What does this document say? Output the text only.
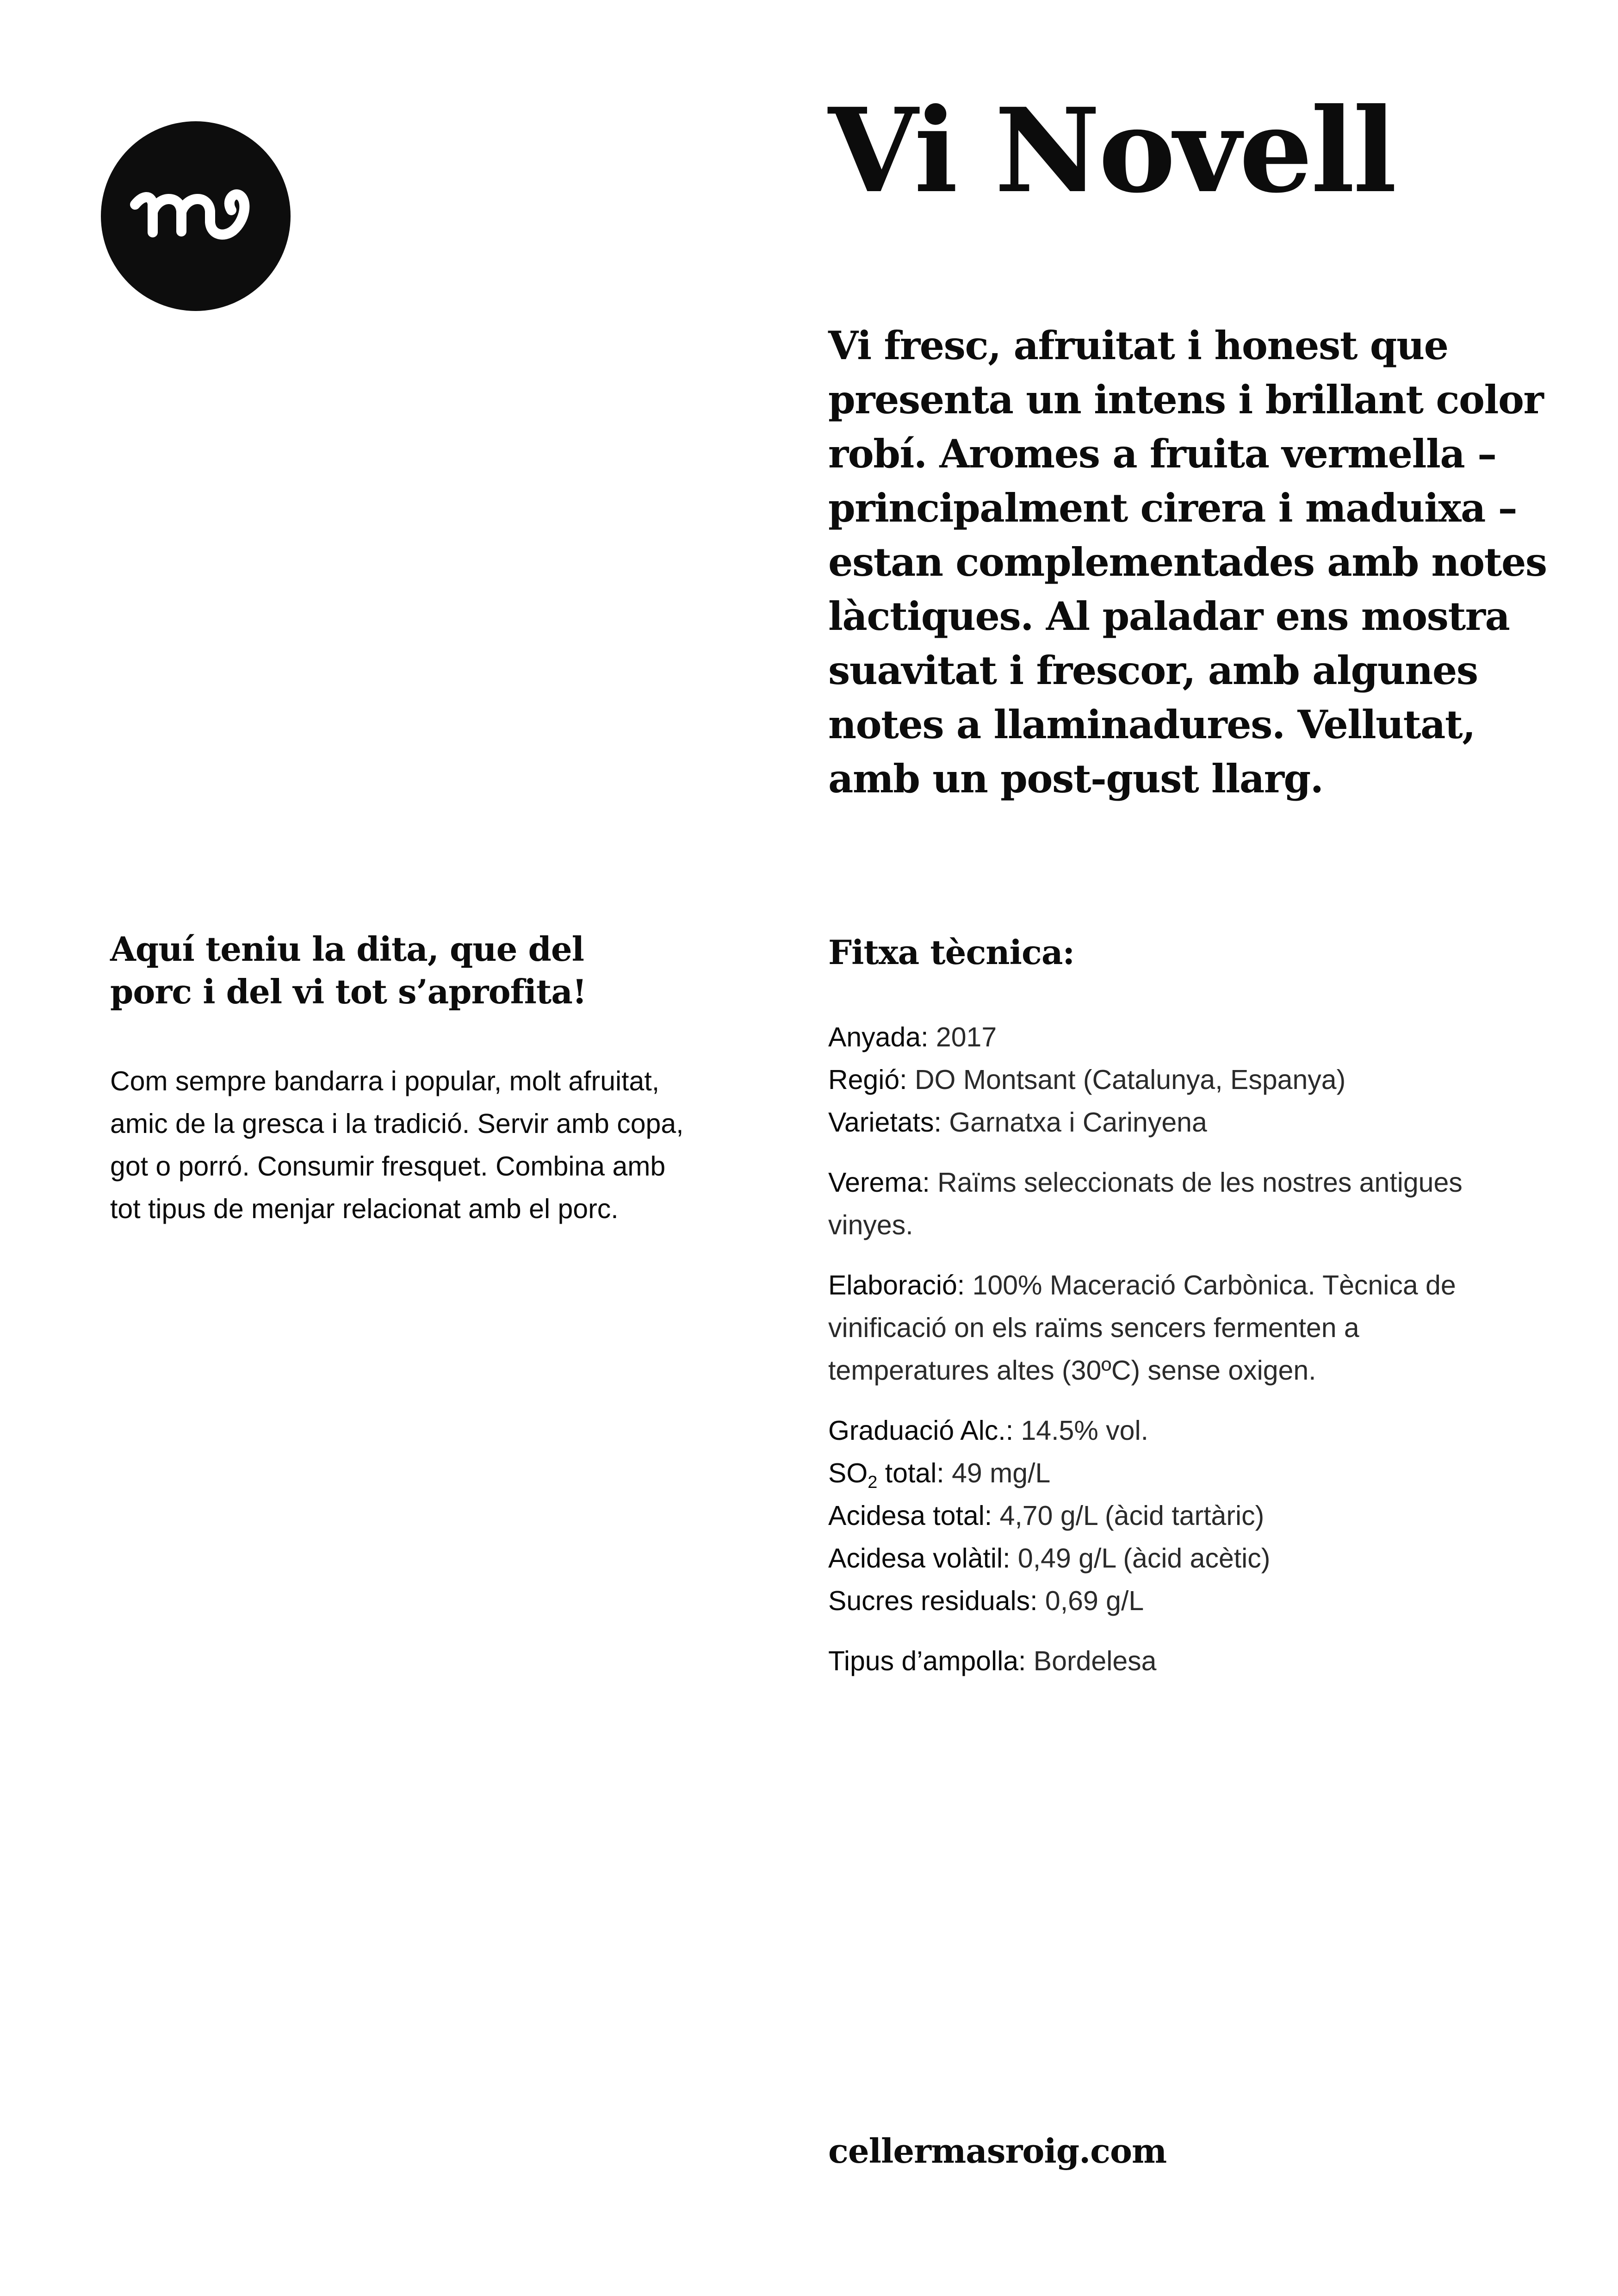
Vi Novell

Vi fresc, afruitat i honest que presenta un intens i brillant color robí. Aromes a fruita vermella – principalment cirera i maduixa – estan complementades amb notes làctiques. Al paladar ens mostra suavitat i frescor, amb algunes notes a llaminadures. Vellutat, amb un post-gust llarg.

Aquí teniu la dita, que del porc i del vi tot s’aprofita!

Com sempre bandarra i popular, molt afruitat, amic de la gresca i la tradició. Servir amb copa, got o porró. Consumir fresquet. Combina amb tot tipus de menjar relacionat amb el porc.

Fitxa tècnica:

Anyada: 2017

Regió: DO Montsant (Catalunya, Espanya)

Varietats: Garnatxa i Carinyena

Verema: Raïms seleccionats de les nostres antigues vinyes.

Elaboració: 100% Maceració Carbònica. Tècnica de vinificació on els raïms sencers fermenten a temperatures altes (30ºC) sense oxigen.

Graduació Alc.: 14.5% vol.

$SO_2$ total: 49 mg/L

Acidesa total: 4,70 g/L (àcid tartàric)

Acidesa volàtil: 0,49 g/L (àcid acètic)

Sucres residuals: 0,69 g/L

Tipus d’ampolla: Bordelesa

cellermasroig.com
